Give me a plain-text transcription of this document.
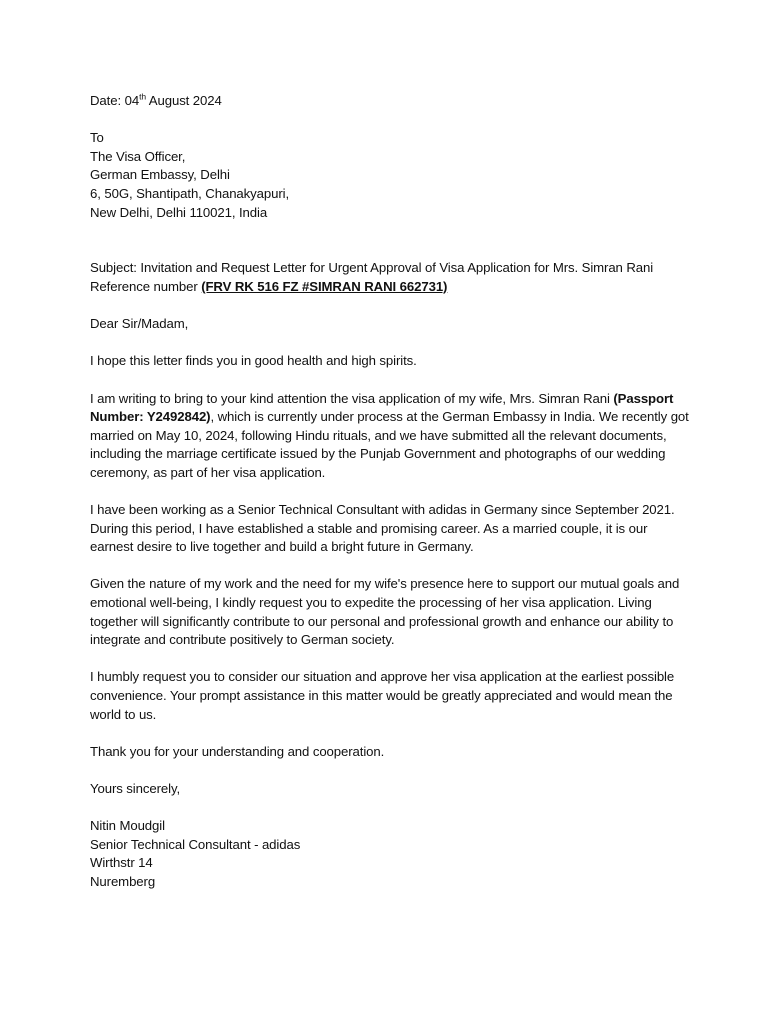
Date: 04th August 2024

To

The Visa Officer,

German Embassy, Delhi

6, 50G, Shantipath, Chanakyapuri,

New Delhi, Delhi 110021, India

Subject: Invitation and Request Letter for Urgent Approval of Visa Application for Mrs. Simran Rani

Reference number (FRV RK 516 FZ #SIMRAN RANI 662731)

Dear Sir/Madam,

I hope this letter finds you in good health and high spirits.

I am writing to bring to your kind attention the visa application of my wife, Mrs. Simran Rani (Passport Number: Y2492842), which is currently under process at the German Embassy in India. We recently got married on May 10, 2024, following Hindu rituals, and we have submitted all the relevant documents, including the marriage certificate issued by the Punjab Government and photographs of our wedding ceremony, as part of her visa application.

I have been working as a Senior Technical Consultant with adidas in Germany since September 2021. During this period, I have established a stable and promising career. As a married couple, it is our earnest desire to live together and build a bright future in Germany.

Given the nature of my work and the need for my wife's presence here to support our mutual goals and emotional well-being, I kindly request you to expedite the processing of her visa application. Living together will significantly contribute to our personal and professional growth and enhance our ability to integrate and contribute positively to German society.

I humbly request you to consider our situation and approve her visa application at the earliest possible convenience. Your prompt assistance in this matter would be greatly appreciated and would mean the world to us.

Thank you for your understanding and cooperation.

Yours sincerely,

Nitin Moudgil

Senior Technical Consultant - adidas

Wirthstr 14

Nuremberg
